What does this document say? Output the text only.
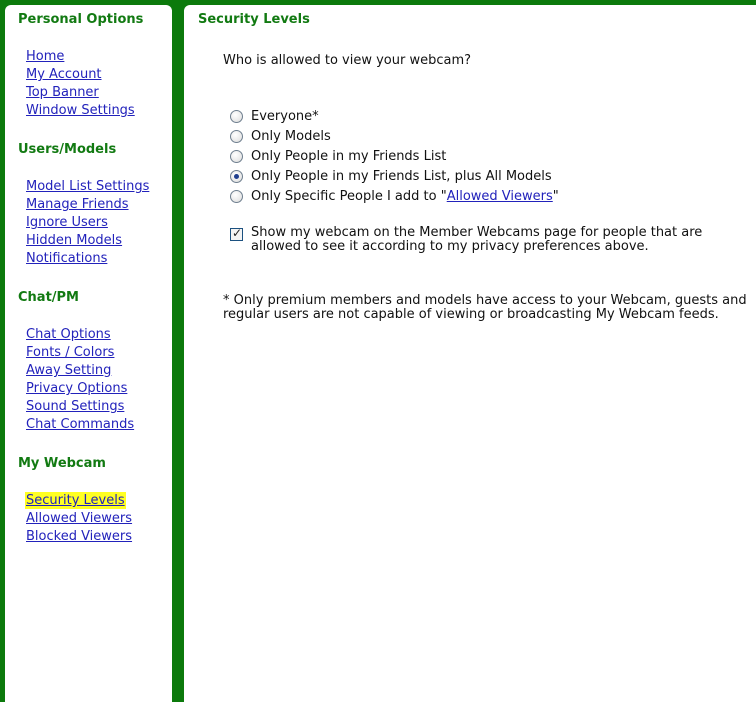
Personal Options
Home
My Account
Top Banner
Window Settings
Users/Models
Model List Settings
Manage Friends
Ignore Users
Hidden Models
Notifications
Chat/PM
Chat Options
Fonts / Colors
Away Setting
Privacy Options
Sound Settings
Chat Commands
My Webcam
Security Levels
Allowed Viewers
Blocked Viewers
Security Levels
Who is allowed to view your webcam?
Everyone*
Only Models
Only People in my Friends List
Only People in my Friends List, plus All Models
Only Specific People I add to " Allowed Viewers "
✓
Show my webcam on the Member Webcams page for people that are allowed to see it according to my privacy preferences above.
* Only premium members and models have access to your Webcam, guests and regular users are not capable of viewing or broadcasting My Webcam feeds.
